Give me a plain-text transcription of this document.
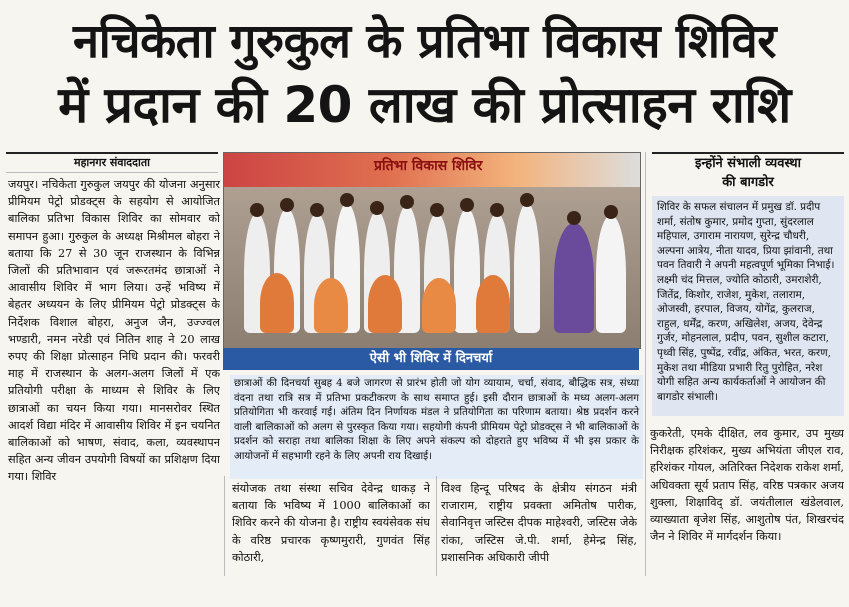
नचिकेता गुरुकुल के प्रतिभा विकास शिविर
में प्रदान की 20 लाख की प्रोत्साहन राशि
महानगर संवाददाता
जयपुर। नचिकेता गुरुकुल जयपुर की योजना अनुसार प्रीमियम पेट्रो प्रोडक्ट्स के सहयोग से आयोजित बालिका प्रतिभा विकास शिविर का सोमवार को समापन हुआ। गुरुकुल के अध्यक्ष मिश्रीमल बोहरा ने बताया कि 27 से 30 जून राजस्थान के विभिन्न जिलों की प्रतिभावान एवं जरूरतमंद छात्राओं ने आवासीय शिविर में भाग लिया। उन्हें भविष्य में बेहतर अध्ययन के लिए प्रीमियम पेट्रो प्रोडक्ट्स के निर्देशक विशाल बोहरा, अनुज जैन, उज्ज्वल भण्डारी, नमन नरेडी एवं नितिन शाह ने 20 लाख रुपए की शिक्षा प्रोत्साहन निधि प्रदान की। फरवरी माह में राजस्थान के अलग-अलग जिलों में एक प्रतियोगी परीक्षा के माध्यम से शिविर के लिए छात्राओं का चयन किया गया। मानसरोवर स्थित आदर्श विद्या मंदिर में आवासीय शिविर में इन चयनित बालिकाओं को भाषण, संवाद, कला, व्यवस्थापन सहित अन्य जीवन उपयोगी विषयों का प्रशिक्षण दिया गया। शिविर
प्रतिभा विकास शिविर
ऐसी भी शिविर में दिनचर्या
छात्राओं की दिनचर्या सुबह 4 बजे जागरण से प्रारंभ होती जो योग व्यायाम, चर्चा, संवाद, बौद्धिक सत्र, संध्या वंदना तथा रात्रि सत्र में प्रतिभा प्रकटीकरण के साथ समाप्त हुई। इसी दौरान छात्राओं के मध्य अलग-अलग प्रतियोगिता भी करवाई गई। अंतिम दिन निर्णायक मंडल ने प्रतियोगिता का परिणाम बताया। श्रेष्ठ प्रदर्शन करने वाली बालिकाओं को अलग से पुरस्कृत किया गया। सहयोगी कंपनी प्रीमियम पेट्रो प्रोडक्ट्स ने भी बालिकाओं के प्रदर्शन को सराहा तथा बालिका शिक्षा के लिए अपने संकल्प को दोहराते हुए भविष्य में भी इस प्रकार के आयोजनों में सहभागी रहने के लिए अपनी राय दिखाई।
संयोजक तथा संस्था सचिव देवेन्द्र धाकड़ ने बताया कि भविष्य में 1000 बालिकाओं का शिविर करने की योजना है। राष्ट्रीय स्वयंसेवक संघ के वरिष्ठ प्रचारक कृष्णमुरारी, गुणवंत सिंह कोठारी,
विश्व हिन्दू परिषद के क्षेत्रीय संगठन मंत्री राजाराम, राष्ट्रीय प्रवक्ता अमितोष पारीक, सेवानिवृत्त जस्टिस दीपक माहेश्वरी, जस्टिस जेके रांका, जस्टिस जे.पी. शर्मा, हेमेन्द्र सिंह, प्रशासनिक अधिकारी जीपी
इन्होंने संभाली व्यवस्था
की बागडोर
शिविर के सफल संचालन में प्रमुख डॉ. प्रदीप शर्मा, संतोष कुमार, प्रमोद गुप्ता, सुंदरलाल महिपाल, उगाराम नारायण, सुरेन्द्र चौधरी, अल्पना आत्रेय, नीता यादव, प्रिया झांवानी, तथा पवन तिवारी ने अपनी महत्वपूर्ण भूमिका निभाई। लक्ष्मी चंद मित्तल, ज्योति कोठारी, उमराशेरी, जितेंद्र, किशोर, राजेश, मुकेश, तलाराम, ओजस्वी, हरपाल, विजय, योगेंद्र, कुलराज, राहुल, धर्मेंद्र, करण, अखिलेश, अजय, देवेन्द्र गुर्जर, मोहनलाल, प्रदीप, पवन, सुशील कटारा, पृथ्वी सिंह, पुष्पेंद्र, रवींद्र, अंकित, भरत, करण, मुकेश तथा मीडिया प्रभारी रितु पुरोहित, नरेश योगी सहित अन्य कार्यकर्ताओं ने आयोजन की बागडोर संभाली।
कुकरेती, एमके दीक्षित, लव कुमार, उप मुख्य निरीक्षक हरिशंकर, मुख्य अभियंता जीएल राव, हरिशंकर गोयल, अतिरिक्त निदेशक राकेश शर्मा, अधिवक्ता सूर्य प्रताप सिंह, वरिष्ठ पत्रकार अजय शुक्ला, शिक्षाविद् डॉ. जयंतीलाल खंडेलवाल, व्याख्याता बृजेश सिंह, आशुतोष पंत, शिखरचंद जैन ने शिविर में मार्गदर्शन किया।
